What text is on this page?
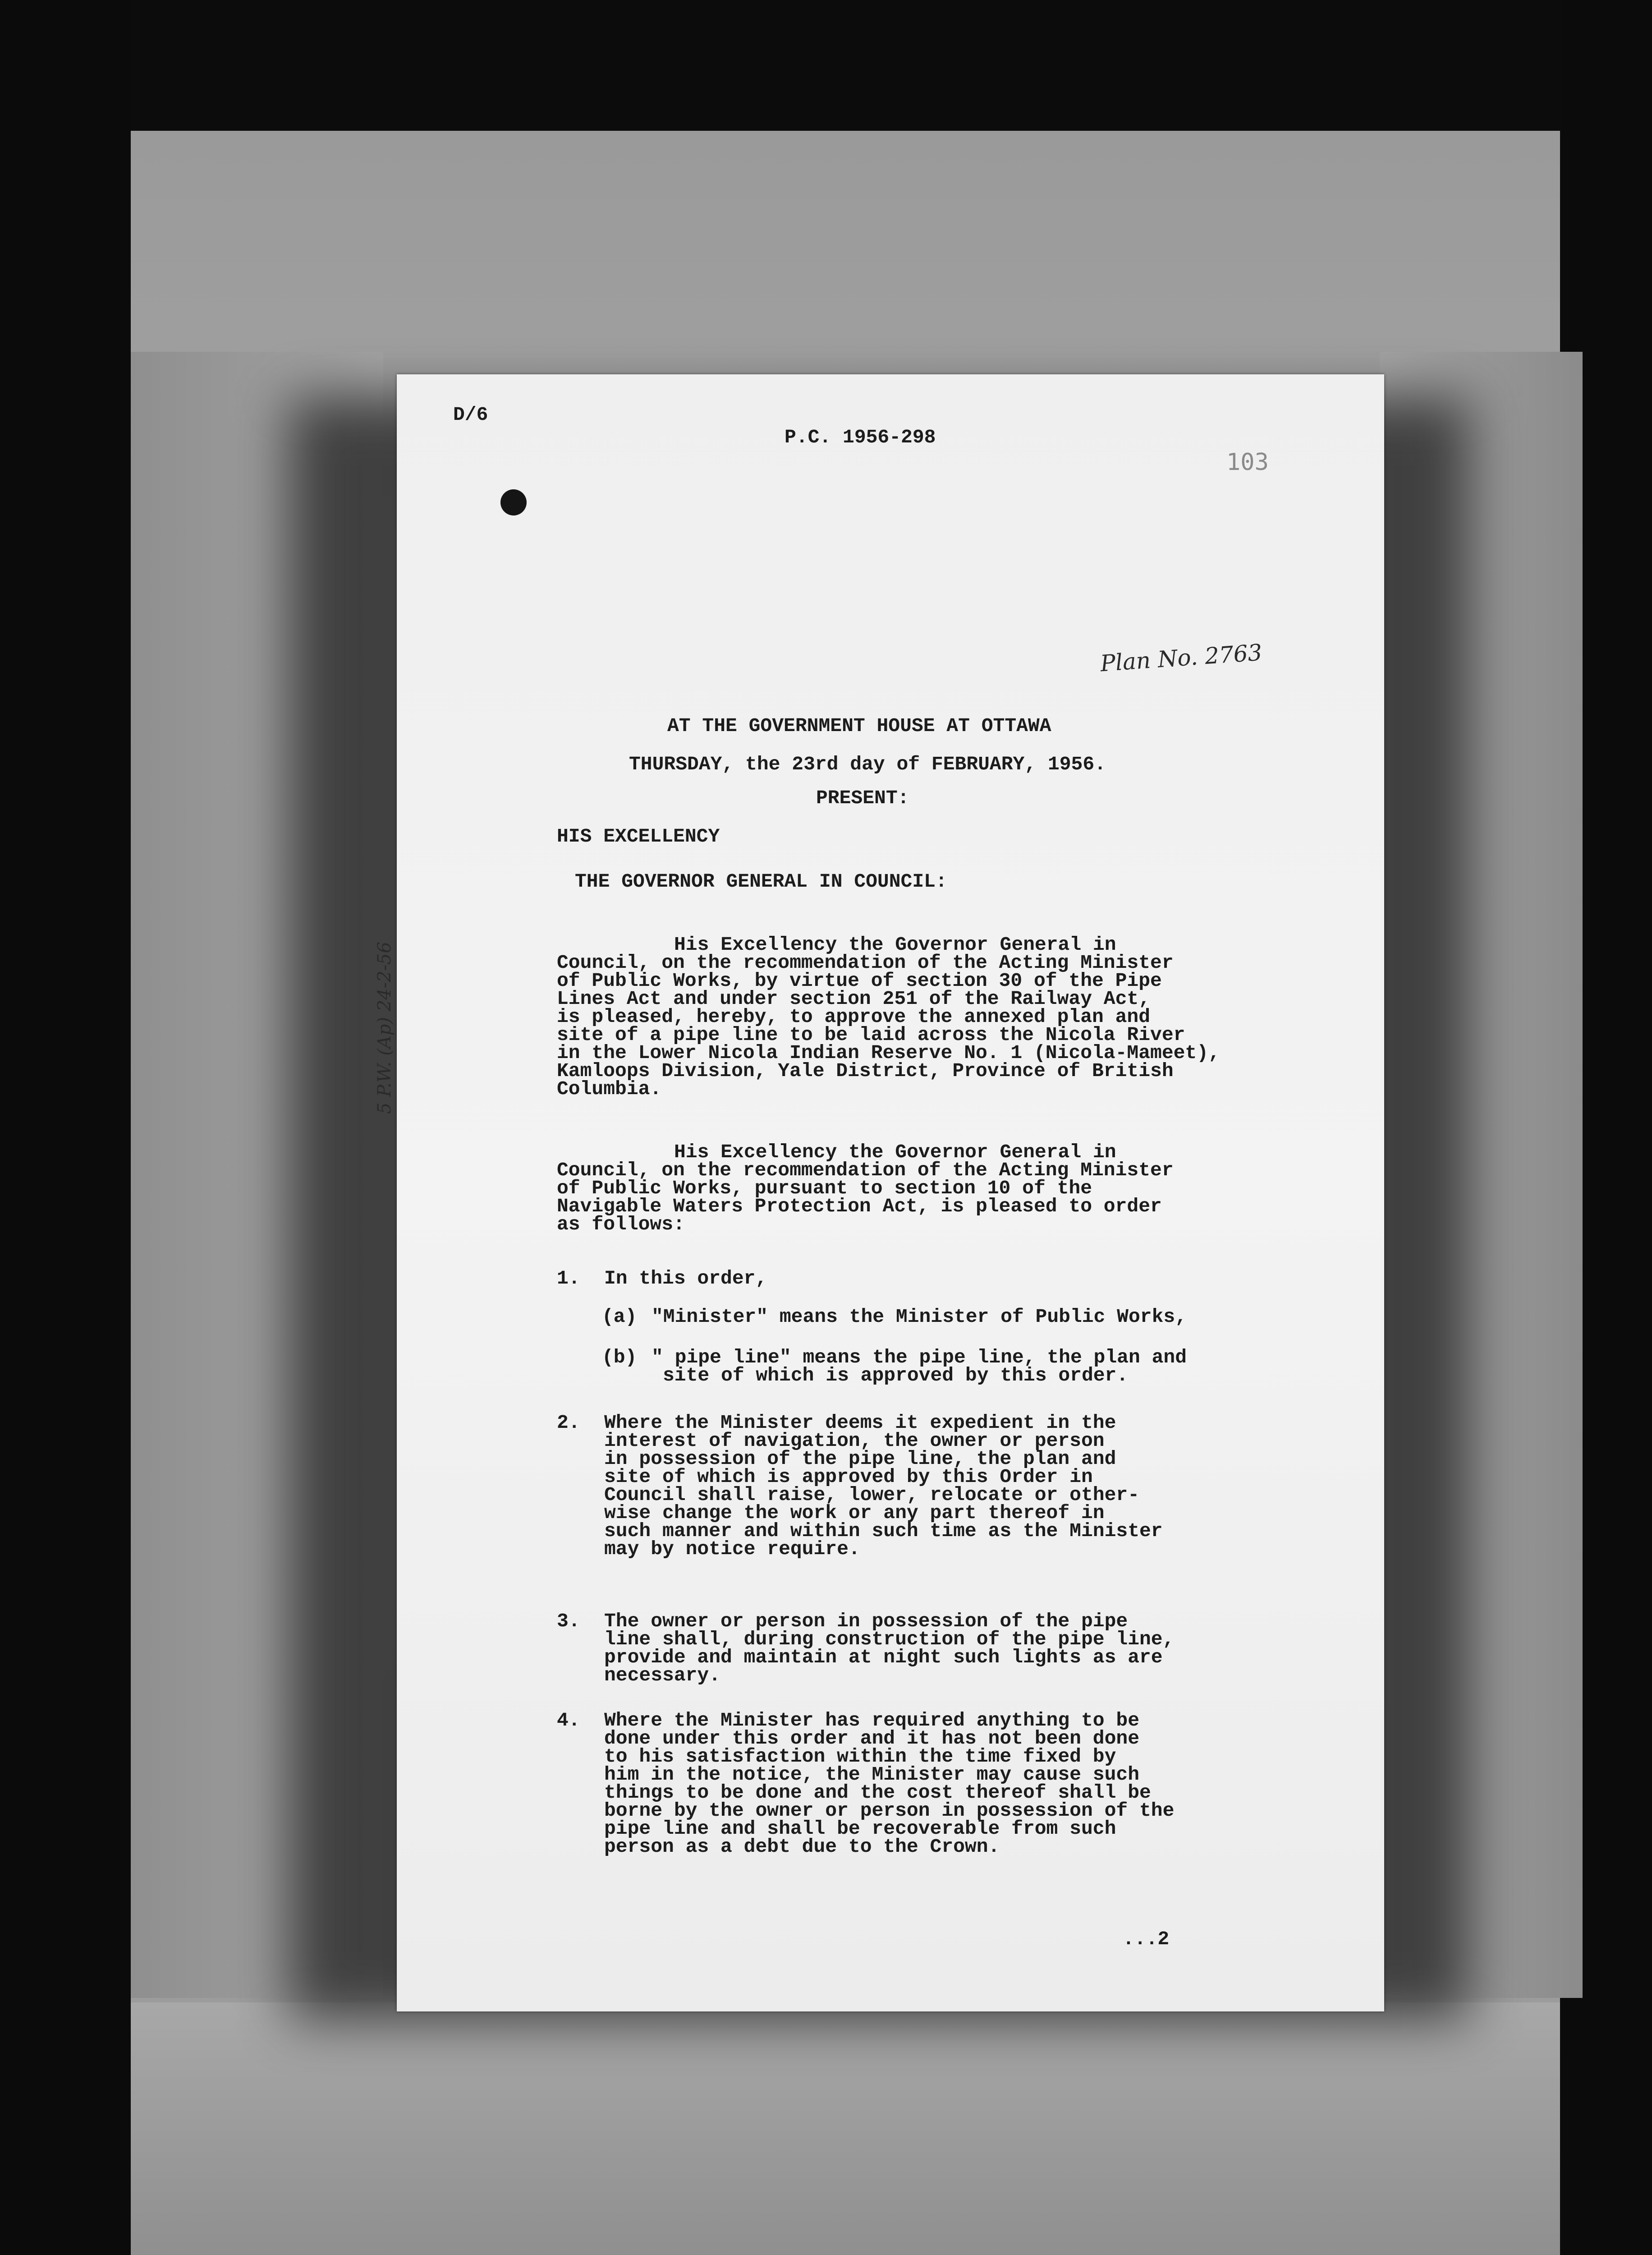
5 P.W. (Ap) 24-2-56

D/6

P.C. 1956-298

103

Plan No. 2763

AT THE GOVERNMENT HOUSE AT OTTAWA

THURSDAY, the 23rd day of FEBRUARY, 1956.

PRESENT:

HIS EXCELLENCY

THE GOVERNOR GENERAL IN COUNCIL:

His Excellency the Governor General in
Council, on the recommendation of the Acting Minister
of Public Works, by virtue of section 30 of the Pipe
Lines Act and under section 251 of the Railway Act,
is pleased, hereby, to approve the annexed plan and
site of a pipe line to be laid across the Nicola River
in the Lower Nicola Indian Reserve No. 1 (Nicola-Mameet),
Kamloops Division, Yale District, Province of British
Columbia.
His Excellency the Governor General in
Council, on the recommendation of the Acting Minister
of Public Works, pursuant to section 10 of the
Navigable Waters Protection Act, is pleased to order
as follows:

1. In this order,

(a) "Minister" means the Minister of Public Works,

(b) " pipe line" means the pipe line, the plan and
site of which is approved by this order.

2. Where the Minister deems it expedient in the
interest of navigation, the owner or person
in possession of the pipe line, the plan and
site of which is approved by this Order in
Council shall raise, lower, relocate or other-
wise change the work or any part thereof in
such manner and within such time as the Minister
may by notice require.

3. The owner or person in possession of the pipe
line shall, during construction of the pipe line,
provide and maintain at night such lights as are
necessary.

4. Where the Minister has required anything to be
done under this order and it has not been done
to his satisfaction within the time fixed by
him in the notice, the Minister may cause such
things to be done and the cost thereof shall be
borne by the owner or person in possession of the
pipe line and shall be recoverable from such
person as a debt due to the Crown.

...2
